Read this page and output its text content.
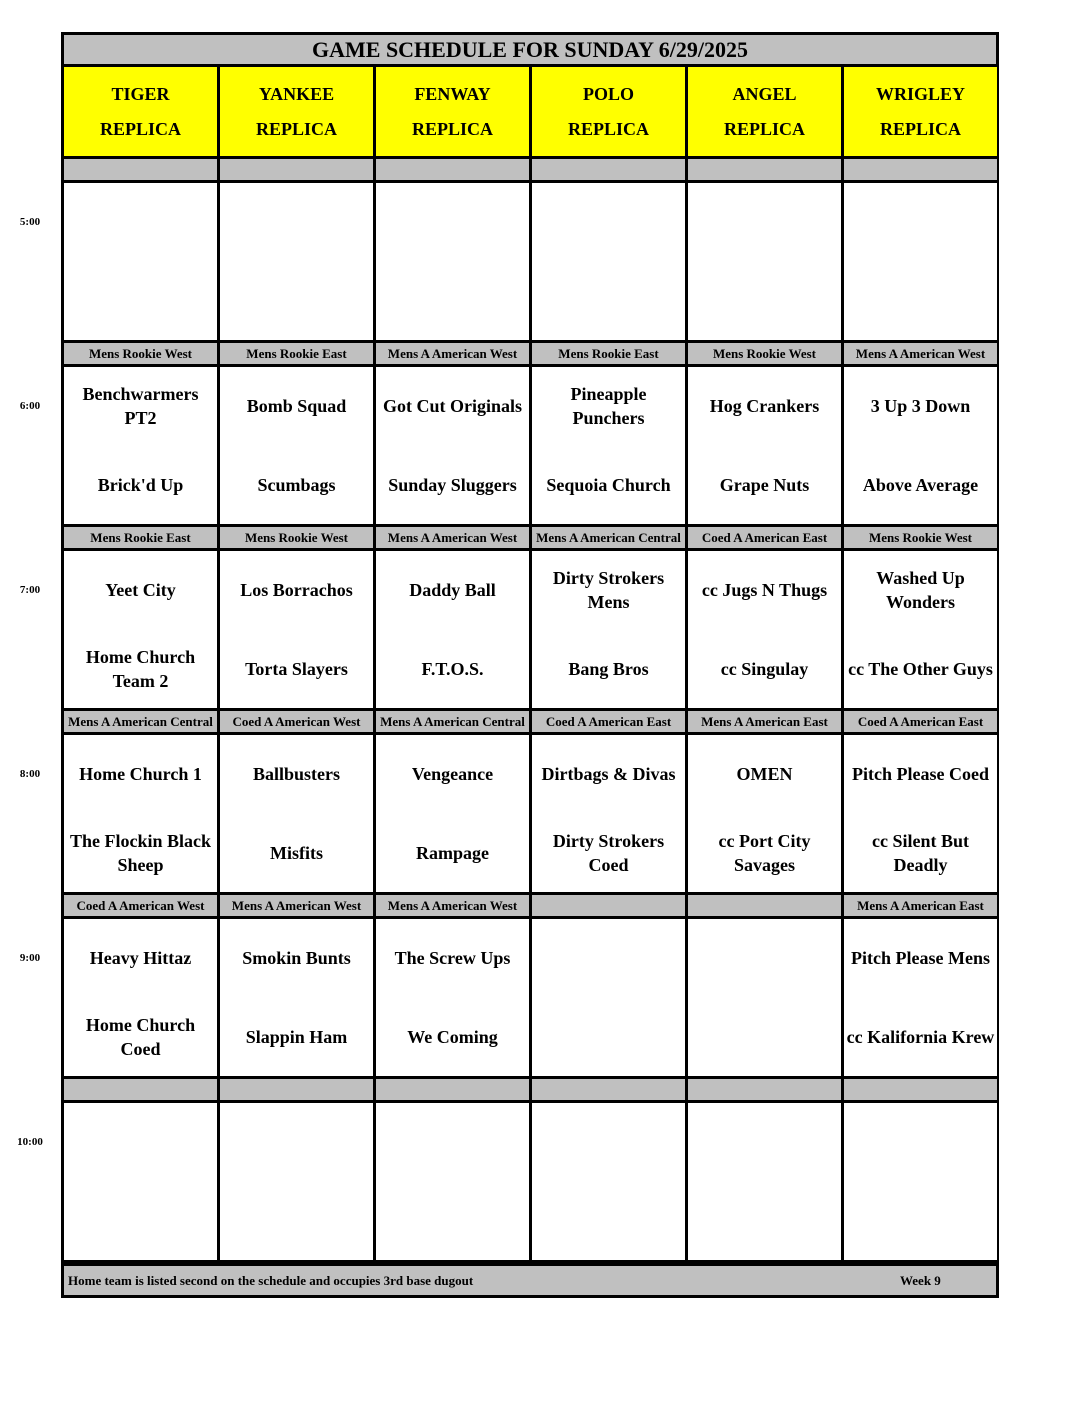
GAME SCHEDULE FOR SUNDAY 6/29/2025
TIGER
REPLICA
YANKEE
REPLICA
FENWAY
REPLICA
POLO
REPLICA
ANGEL
REPLICA
WRIGLEY
REPLICA
Mens Rookie West
Benchwarmers PT2
Brick'd Up
Mens Rookie East
Bomb Squad
Scumbags
Mens A American West
Got Cut Originals
Sunday Sluggers
Mens Rookie East
Pineapple Punchers
Sequoia Church
Mens Rookie West
Hog Crankers
Grape Nuts
Mens A American West
3 Up 3 Down
Above Average
Mens Rookie East
Yeet City
Home Church Team 2
Mens Rookie West
Los Borrachos
Torta Slayers
Mens A American West
Daddy Ball
F.T.O.S.
Mens A American Central
Dirty Strokers Mens
Bang Bros
Coed A American East
cc Jugs N Thugs
cc Singulay
Mens Rookie West
Washed Up Wonders
cc The Other Guys
Mens A American Central
Home Church 1
The Flockin Black Sheep
Coed A American West
Ballbusters
Misfits
Mens A American Central
Vengeance
Rampage
Coed A American East
Dirtbags & Divas
Dirty Strokers Coed
Mens A American East
OMEN
cc Port City Savages
Coed A American East
Pitch Please Coed
cc Silent But Deadly
Coed A American West
Heavy Hittaz
Home Church Coed
Mens A American West
Smokin Bunts
Slappin Ham
Mens A American West
The Screw Ups
We Coming
Mens A American East
Pitch Please Mens
cc Kalifornia Krew
Home team is listed second on the schedule and occupies 3rd base dugout	Week 9
5:00
6:00
7:00
8:00
9:00
10:00
